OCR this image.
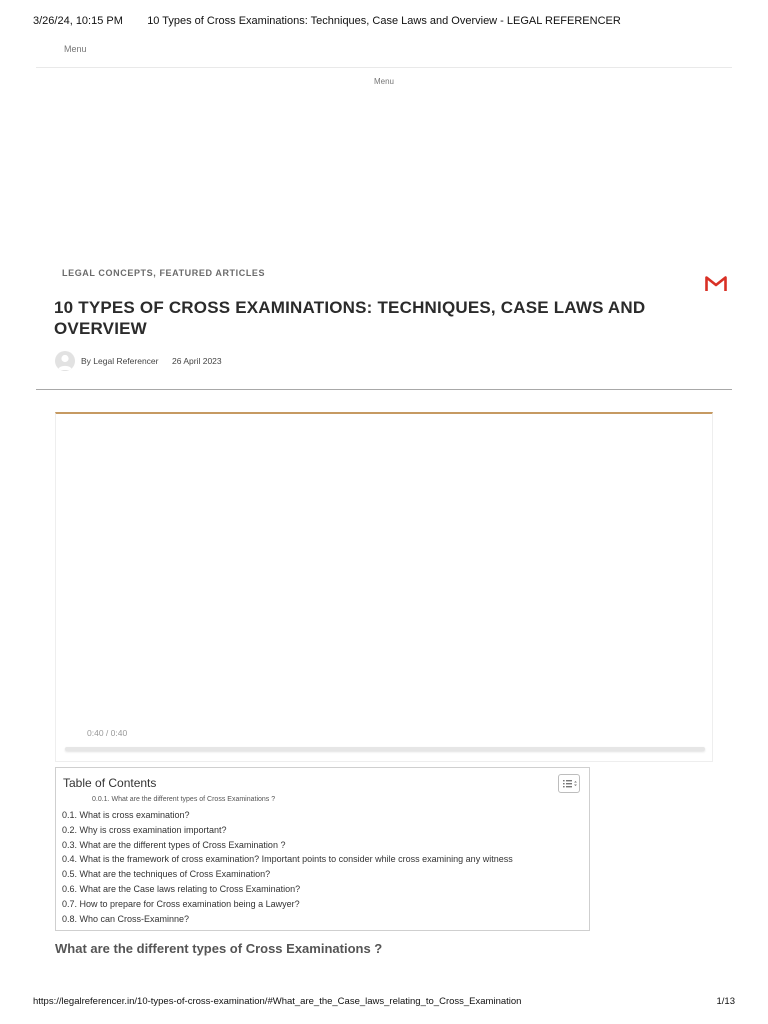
3/26/24, 10:15 PM	10 Types of Cross Examinations: Techniques, Case Laws and Overview - LEGAL REFERENCER
Menu
Menu
LEGAL CONCEPTS, FEATURED ARTICLES
10 TYPES OF CROSS EXAMINATIONS: TECHNIQUES, CASE LAWS AND OVERVIEW
By Legal Referencer 26 April 2023
0:40 / 0:40
Table of Contents
0.0.1. What are the different types of Cross Examinations ?
0.1. What is cross examination?
0.2. Why is cross examination important?
0.3. What are the different types of Cross Examination ?
0.4. What is the framework of cross examination? Important points to consider while cross examining any witness
0.5. What are the techniques of Cross Examination?
0.6. What are the Case laws relating to Cross Examination?
0.7. How to prepare for Cross examination being a Lawyer?
0.8. Who can Cross-Examinne?
What are the different types of Cross Examinations ?
https://legalreferencer.in/10-types-of-cross-examination/#What_are_the_Case_laws_relating_to_Cross_Examination	1/13
